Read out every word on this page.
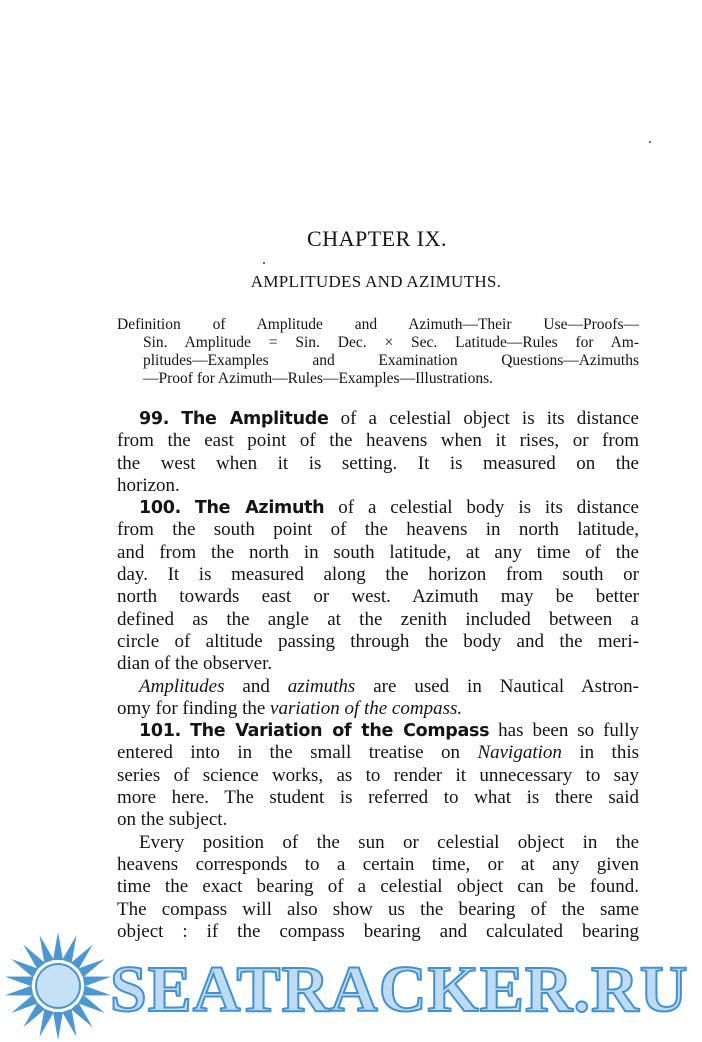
CHAPTER IX.
AMPLITUDES AND AZIMUTHS.
Definition of Amplitude and Azimuth—Their Use—Proofs—
Sin. Amplitude = Sin. Dec. × Sec. Latitude—Rules for Am-
plitudes—Examples and Examination Questions—Azimuths
—Proof for Azimuth—Rules—Examples—Illustrations.
99. The Amplitude of a celestial object is its distance
from the east point of the heavens when it rises, or from
the west when it is setting. It is measured on the
horizon.
100. The Azimuth of a celestial body is its distance
from the south point of the heavens in north latitude,
and from the north in south latitude, at any time of the
day. It is measured along the horizon from south or
north towards east or west. Azimuth may be better
defined as the angle at the zenith included between a
circle of altitude passing through the body and the meri-
dian of the observer.
Amplitudes and azimuths are used in Nautical Astron-
omy for finding the variation of the compass.
101. The Variation of the Compass has been so fully
entered into in the small treatise on Navigation in this
series of science works, as to render it unnecessary to say
more here. The student is referred to what is there said
on the subject.
Every position of the sun or celestial object in the
heavens corresponds to a certain time, or at any given
time the exact bearing of a celestial object can be found.
The compass will also show us the bearing of the same
object : if the compass bearing and calculated bearing
SEATRACKER.RU
